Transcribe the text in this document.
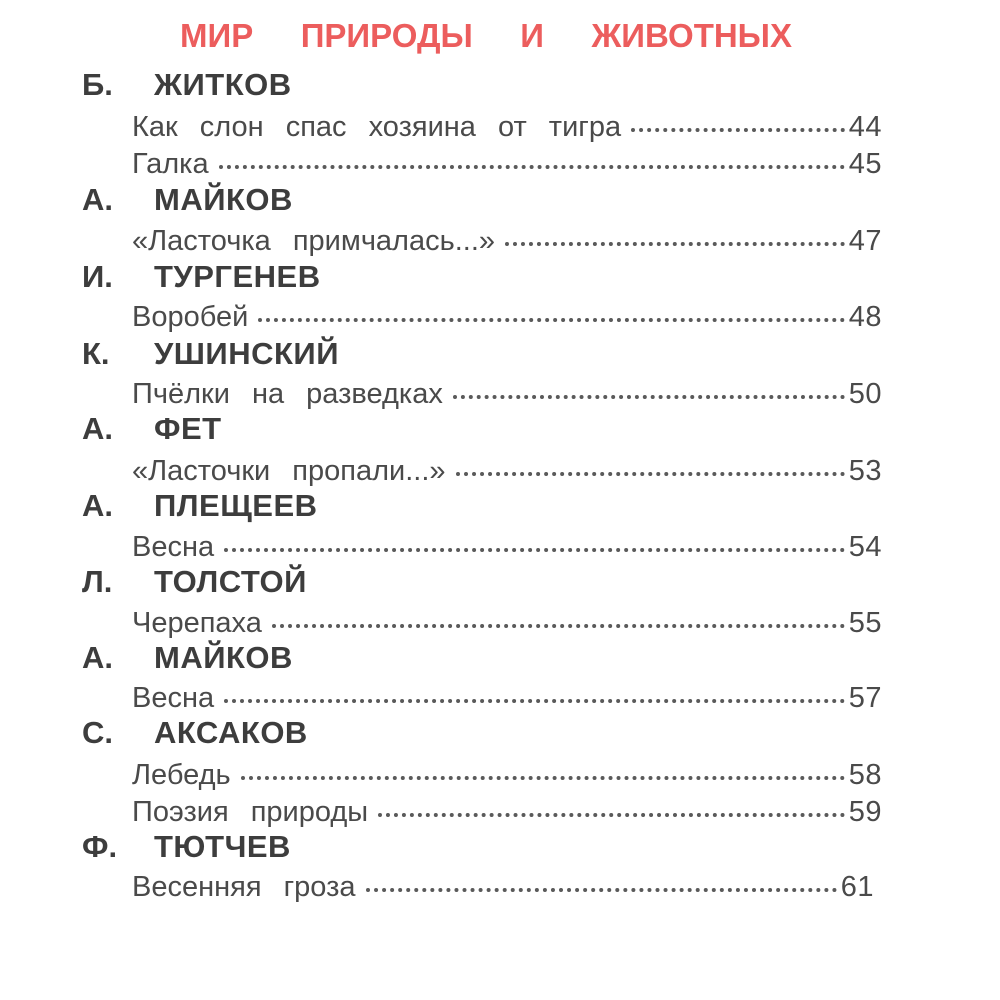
МИР ПРИРОДЫ И ЖИВОТНЫХ
Б. ЖИТКОВ
Как слон спас хозяина от тигра	44
Галка	45
А. МАЙКОВ
«Ласточка примчалась...»	47
И. ТУРГЕНЕВ
Воробей	48
К. УШИНСКИЙ
Пчёлки на разведках	50
А. ФЕТ
«Ласточки пропали...»	53
А. ПЛЕЩЕЕВ
Весна	54
Л. ТОЛСТОЙ
Черепаха	55
А. МАЙКОВ
Весна	57
С. АКСАКОВ
Лебедь	58
Поэзия природы	59
Ф. ТЮТЧЕВ
Весенняя гроза	61
